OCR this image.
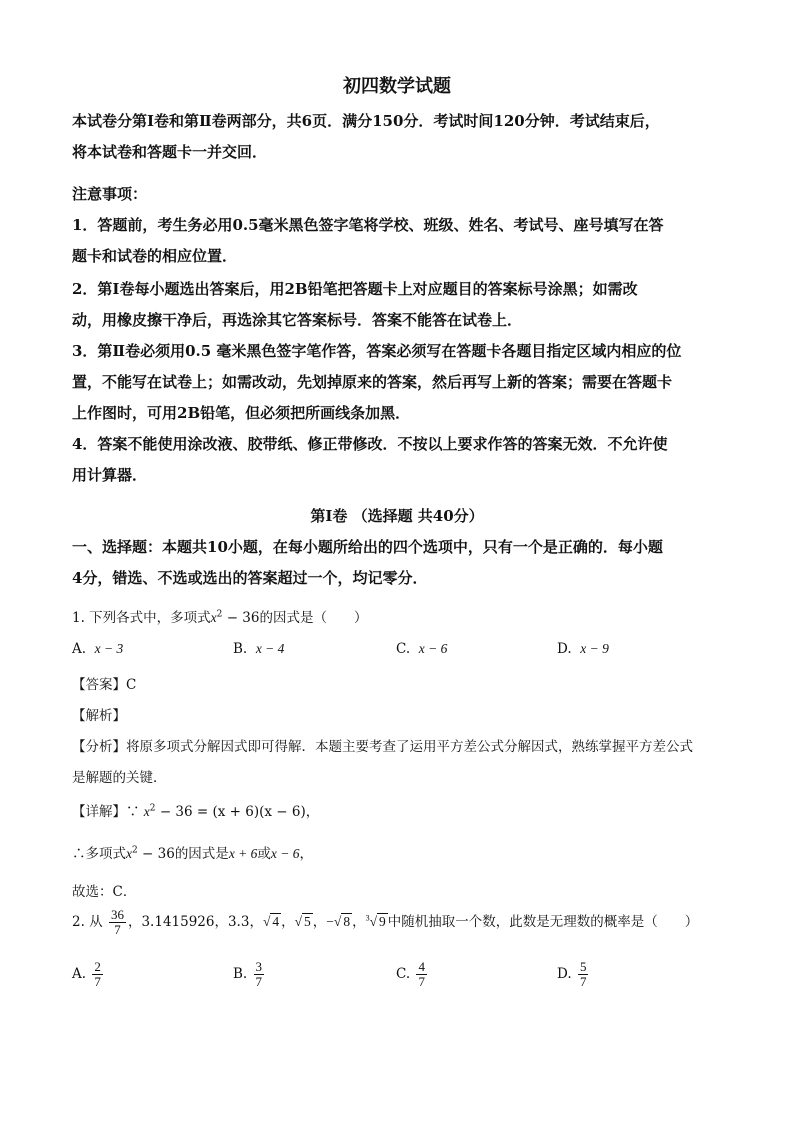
初四数学试题
本试卷分第Ⅰ卷和第Ⅱ卷两部分，共6页．满分150分．考试时间120分钟．考试结束后，
将本试卷和答题卡一并交回．
注意事项：
1．答题前，考生务必用0.5毫米黑色签字笔将学校、班级、姓名、考试号、座号填写在答
题卡和试卷的相应位置．
2．第Ⅰ卷每小题选出答案后，用2B铅笔把答题卡上对应题目的答案标号涂黑；如需改
动，用橡皮擦干净后，再选涂其它答案标号．答案不能答在试卷上．
3．第Ⅱ卷必须用0.5 毫米黑色签字笔作答，答案必须写在答题卡各题目指定区域内相应的位
置，不能写在试卷上；如需改动，先划掉原来的答案，然后再写上新的答案；需要在答题卡
上作图时，可用2B铅笔，但必须把所画线条加黑．
4．答案不能使用涂改液、胶带纸、修正带修改．不按以上要求作答的答案无效．不允许使
用计算器．
第Ⅰ卷 （选择题 共40分）
一、选择题：本题共10小题，在每小题所给出的四个选项中，只有一个是正确的．每小题
4分，错选、不选或选出的答案超过一个，均记零分．
1. 下列各式中，多项式$x^2 - 36$的因式是（　　）
A. x − 3	B. x − 4	C. x − 6	D. x − 9
【答案】C
【解析】
【分析】将原多项式分解因式即可得解．本题主要考查了运用平方差公式分解因式，熟练掌握平方差公式
是解题的关键．
【详解】∵ $x^2 - 36 = (x + 6)(x - 6)$，
∴多项式$x^2 - 36$的因式是x + 6或x − 6，
故选：C．
2. 从 $\frac{36}{7}$ ，3.1415926，3.3，√ 4 ，√ 5 ，−√ 8 ，$^3$√ 9 中随机抽取一个数，此数是无理数的概率是（　　）
A. $\frac{2}{7}$	B. $\frac{3}{7}$	C. $\frac{4}{7}$	D. $\frac{5}{7}$
